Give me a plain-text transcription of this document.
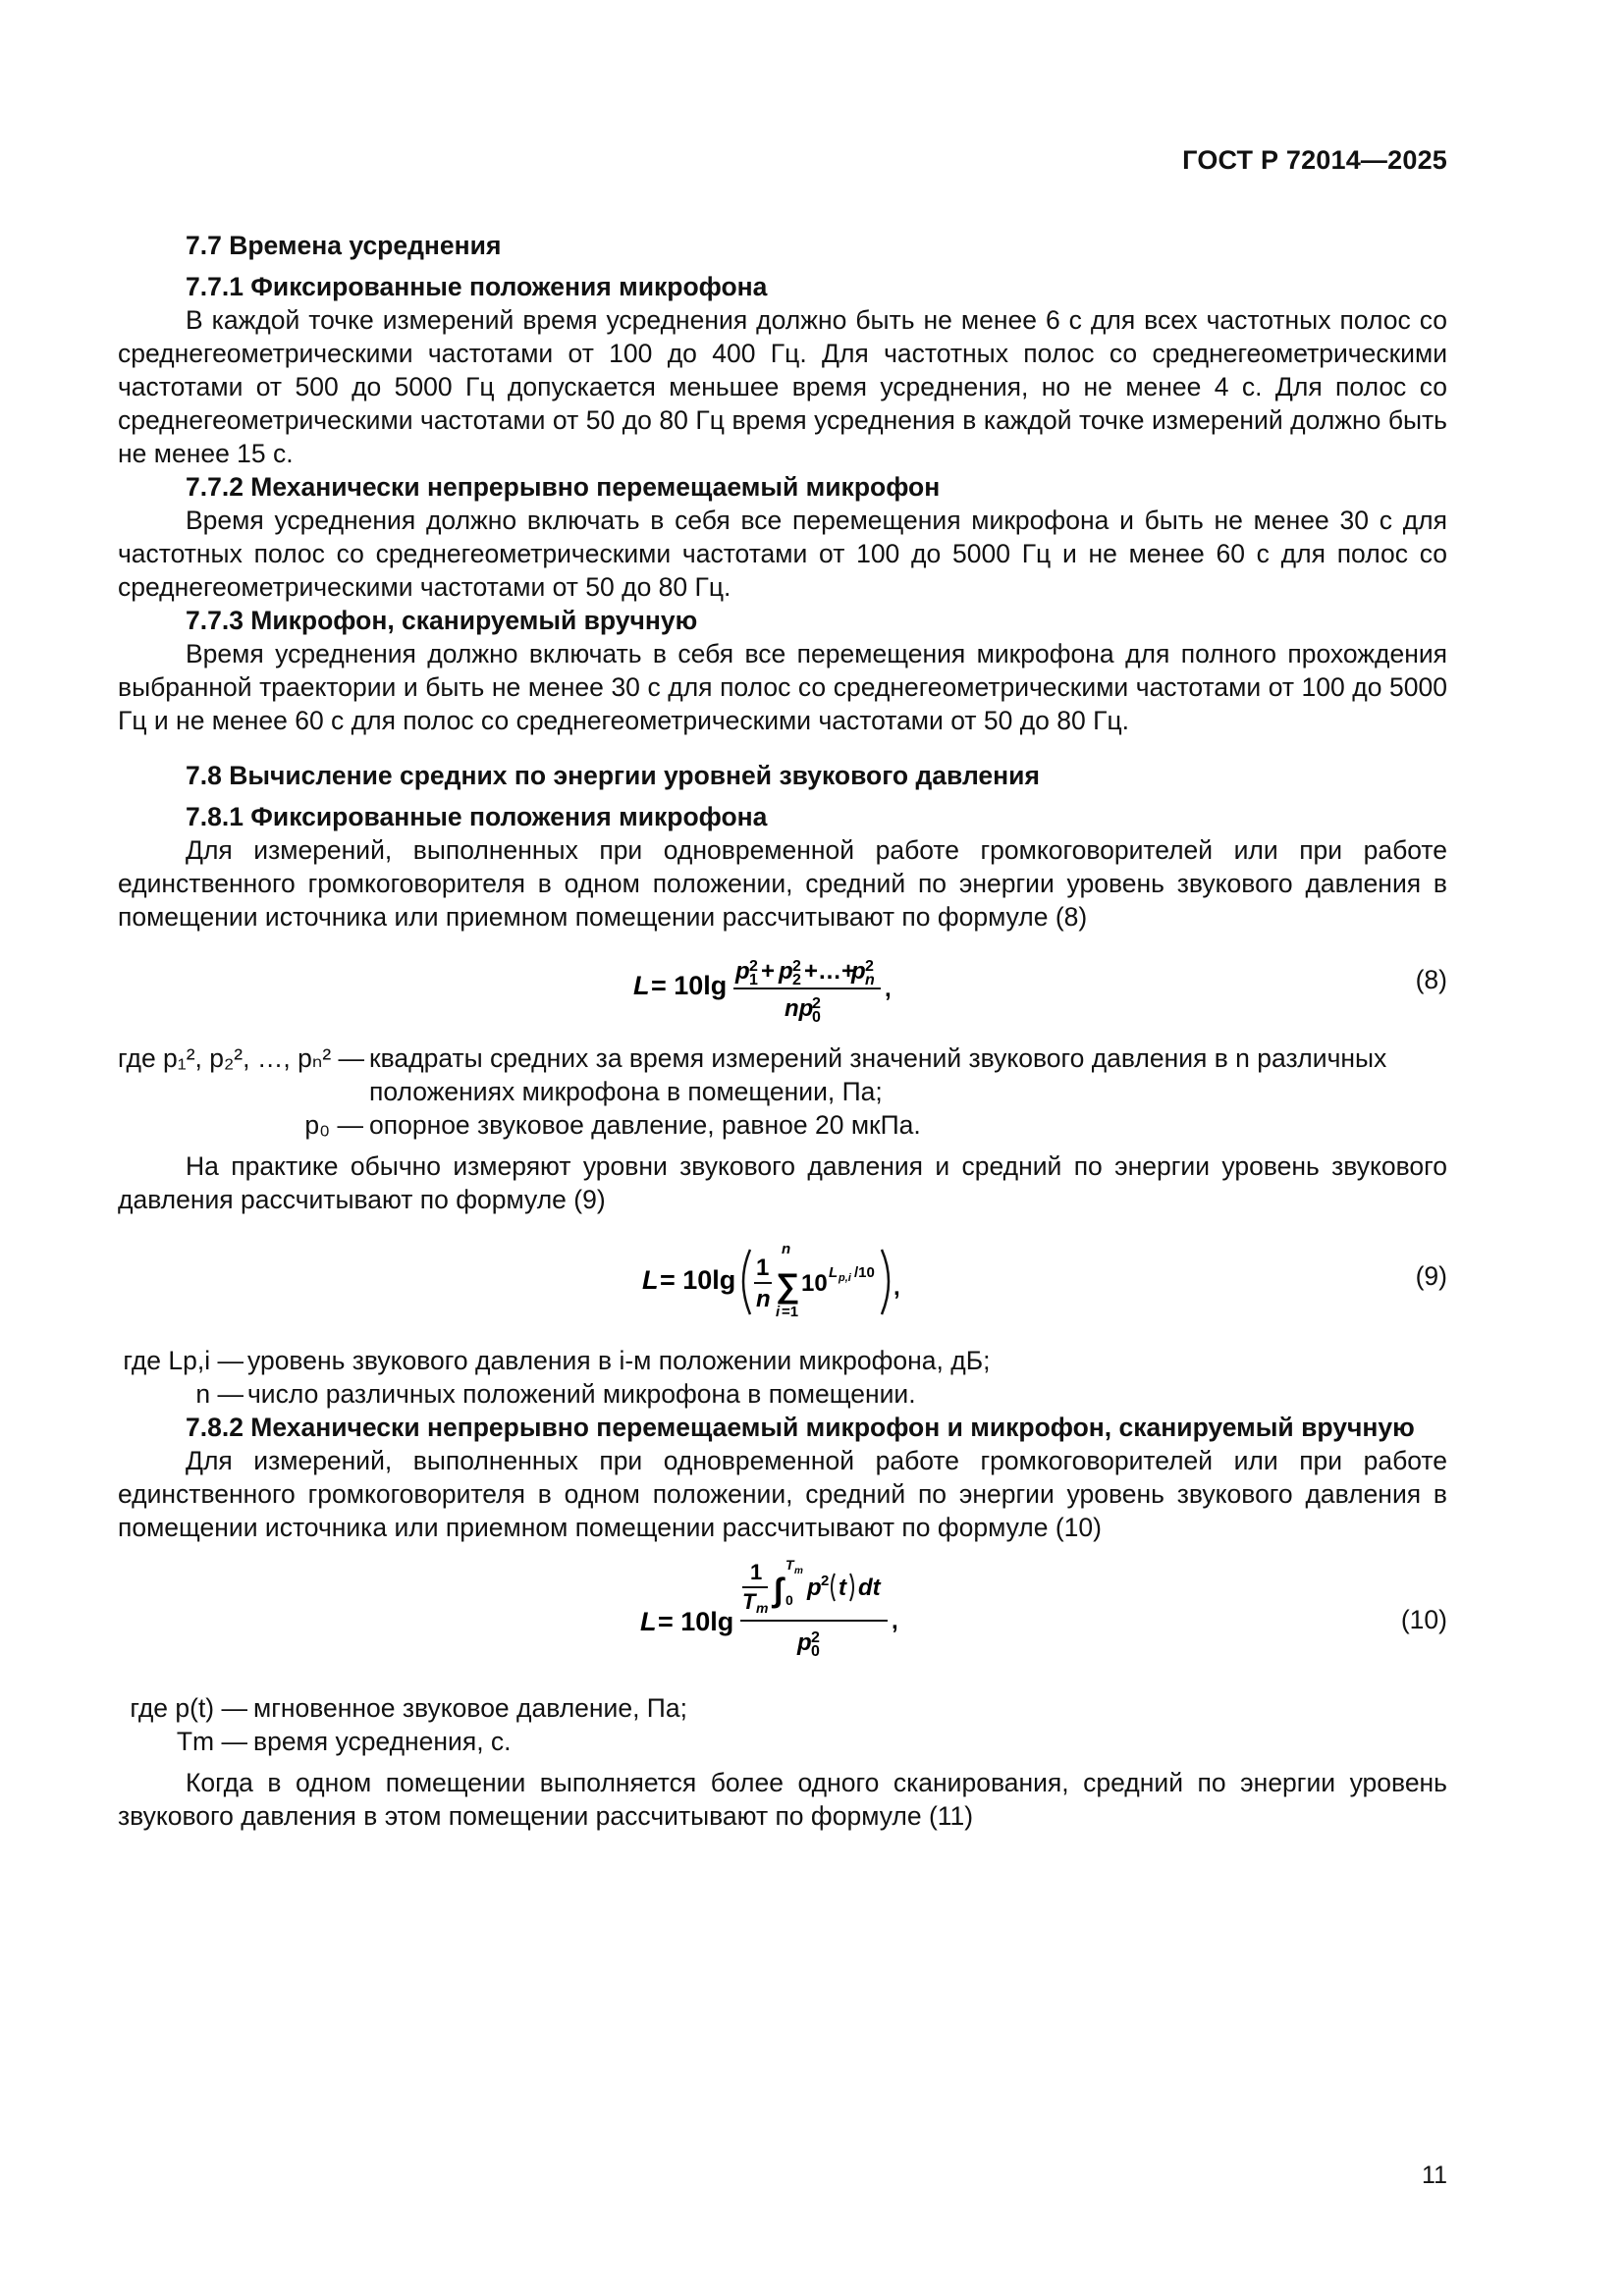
ГОСТ Р 72014—2025

7.7 Времена усреднения

7.7.1 Фиксированные положения микрофона

В каждой точке измерений время усреднения должно быть не менее 6 с для всех частотных полос со среднегеометрическими частотами от 100 до 400 Гц. Для частотных полос со среднегеометрическими частотами от 500 до 5000 Гц допускается меньшее время усреднения, но не менее 4 с. Для полос со среднегеометрическими частотами от 50 до 80 Гц время усреднения в каждой точке измерений должно быть не менее 15 с.

7.7.2 Механически непрерывно перемещаемый микрофон

Время усреднения должно включать в себя все перемещения микрофона и быть не менее 30 с для частотных полос со среднегеометрическими частотами от 100 до 5000 Гц и не менее 60 с для полос со среднегеометрическими частотами от 50 до 80 Гц.

7.7.3 Микрофон, сканируемый вручную

Время усреднения должно включать в себя все перемещения микрофона для полного прохождения выбранной траектории и быть не менее 30 с для полос со среднегеометрическими частотами от 100 до 5000 Гц и не менее 60 с для полос со среднегеометрическими частотами от 50 до 80 Гц.

7.8 Вычисление средних по энергии уровней звукового давления

7.8.1 Фиксированные положения микрофона

Для измерений, выполненных при одновременной работе громкоговорителей или при работе единственного громкоговорителя в одном положении, средний по энергии уровень звукового давления в помещении источника или приемном помещении рассчитывают по формуле (8)

L = 10lg p 2
1 + p 2
2 +…+
p 2
n ,
np
2
0
(8)
где p₁², p₂², …, pₙ² — квадраты средних за время измерений значений звукового давления в n различных положениях микрофона в помещении, Па;
p₀ — опорное звуковое давление, равное 20 мкПа.

На практике обычно измеряют уровни звукового давления и средний по энергии уровень звукового давления рассчитывают по формуле (9)

L = 10lg 1
n
n
∑
i =1
10 L p,i /10
,	(9)
где Lp,i — уровень звукового давления в i-м положении микрофона, дБ;
n — число различных положений микрофона в помещении.

7.8.2 Механически непрерывно перемещаемый микрофон и микрофон, сканируемый вручную

Для измерений, выполненных при одновременной работе громкоговорителей или при работе единственного громкоговорителя в одном положении, средний по энергии уровень звукового давления в помещении источника или приемном помещении рассчитывают по формуле (10)

L = 10lg
1
T m ∫
T m
0 p 2 t dt
,
p 2
0
(10)
где p(t) — мгновенное звуковое давление, Па;
Tm — время усреднения, с.

Когда в одном помещении выполняется более одного сканирования, средний по энергии уровень звукового давления в этом помещении рассчитывают по формуле (11)

11
